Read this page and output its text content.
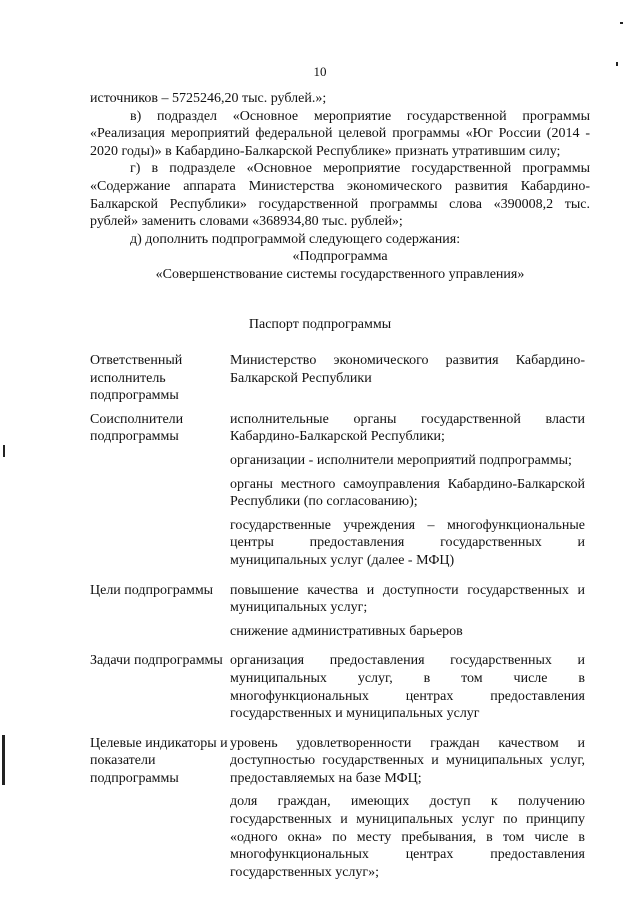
10

источников – 5725246,20 тыс. рублей.»;

в) подраздел «Основное мероприятие государственной программы «Реализация мероприятий федеральной целевой программы «Юг России (2014 - 2020 годы)» в Кабардино-Балкарской Республике» признать утратившим силу;

г) в подразделе «Основное мероприятие государственной программы «Содержание аппарата Министерства экономического развития Кабардино-Балкарской Республики» государственной программы слова «390008,2 тыс. рублей» заменить словами «368934,80 тыс. рублей»;

д) дополнить подпрограммой следующего содержания:

«Подпрограмма

«Совершенствование системы государственного управления»

Паспорт подпрограммы
Ответственный исполнитель подпрограммы

Министерство экономического развития Кабардино-Балкарской Республики

Соисполнители подпрограммы

исполнительные органы государственной власти Кабардино-Балкарской Республики;

организации - исполнители мероприятий подпрограммы;

органы местного самоуправления Кабардино-Балкарской Республики (по согласованию);

государственные учреждения – многофункциональные центры предоставления государственных и муниципальных услуг (далее - МФЦ)

Цели подпрограммы	повышение качества и доступности государственных и муниципальных услуг;

снижение административных барьеров

Задачи подпрограммы организация предоставления государственных и муниципальных услуг, в том числе в многофункциональных центрах предоставления государственных и муниципальных услуг

Целевые индикаторы и показатели подпрограммы

уровень удовлетворенности граждан качеством и доступностью государственных и муниципальных услуг, предоставляемых на базе МФЦ;

доля граждан, имеющих доступ к получению государственных и муниципальных услуг по принципу «одного окна» по месту пребывания, в том числе в многофункциональных центрах предоставления государственных услуг»;
